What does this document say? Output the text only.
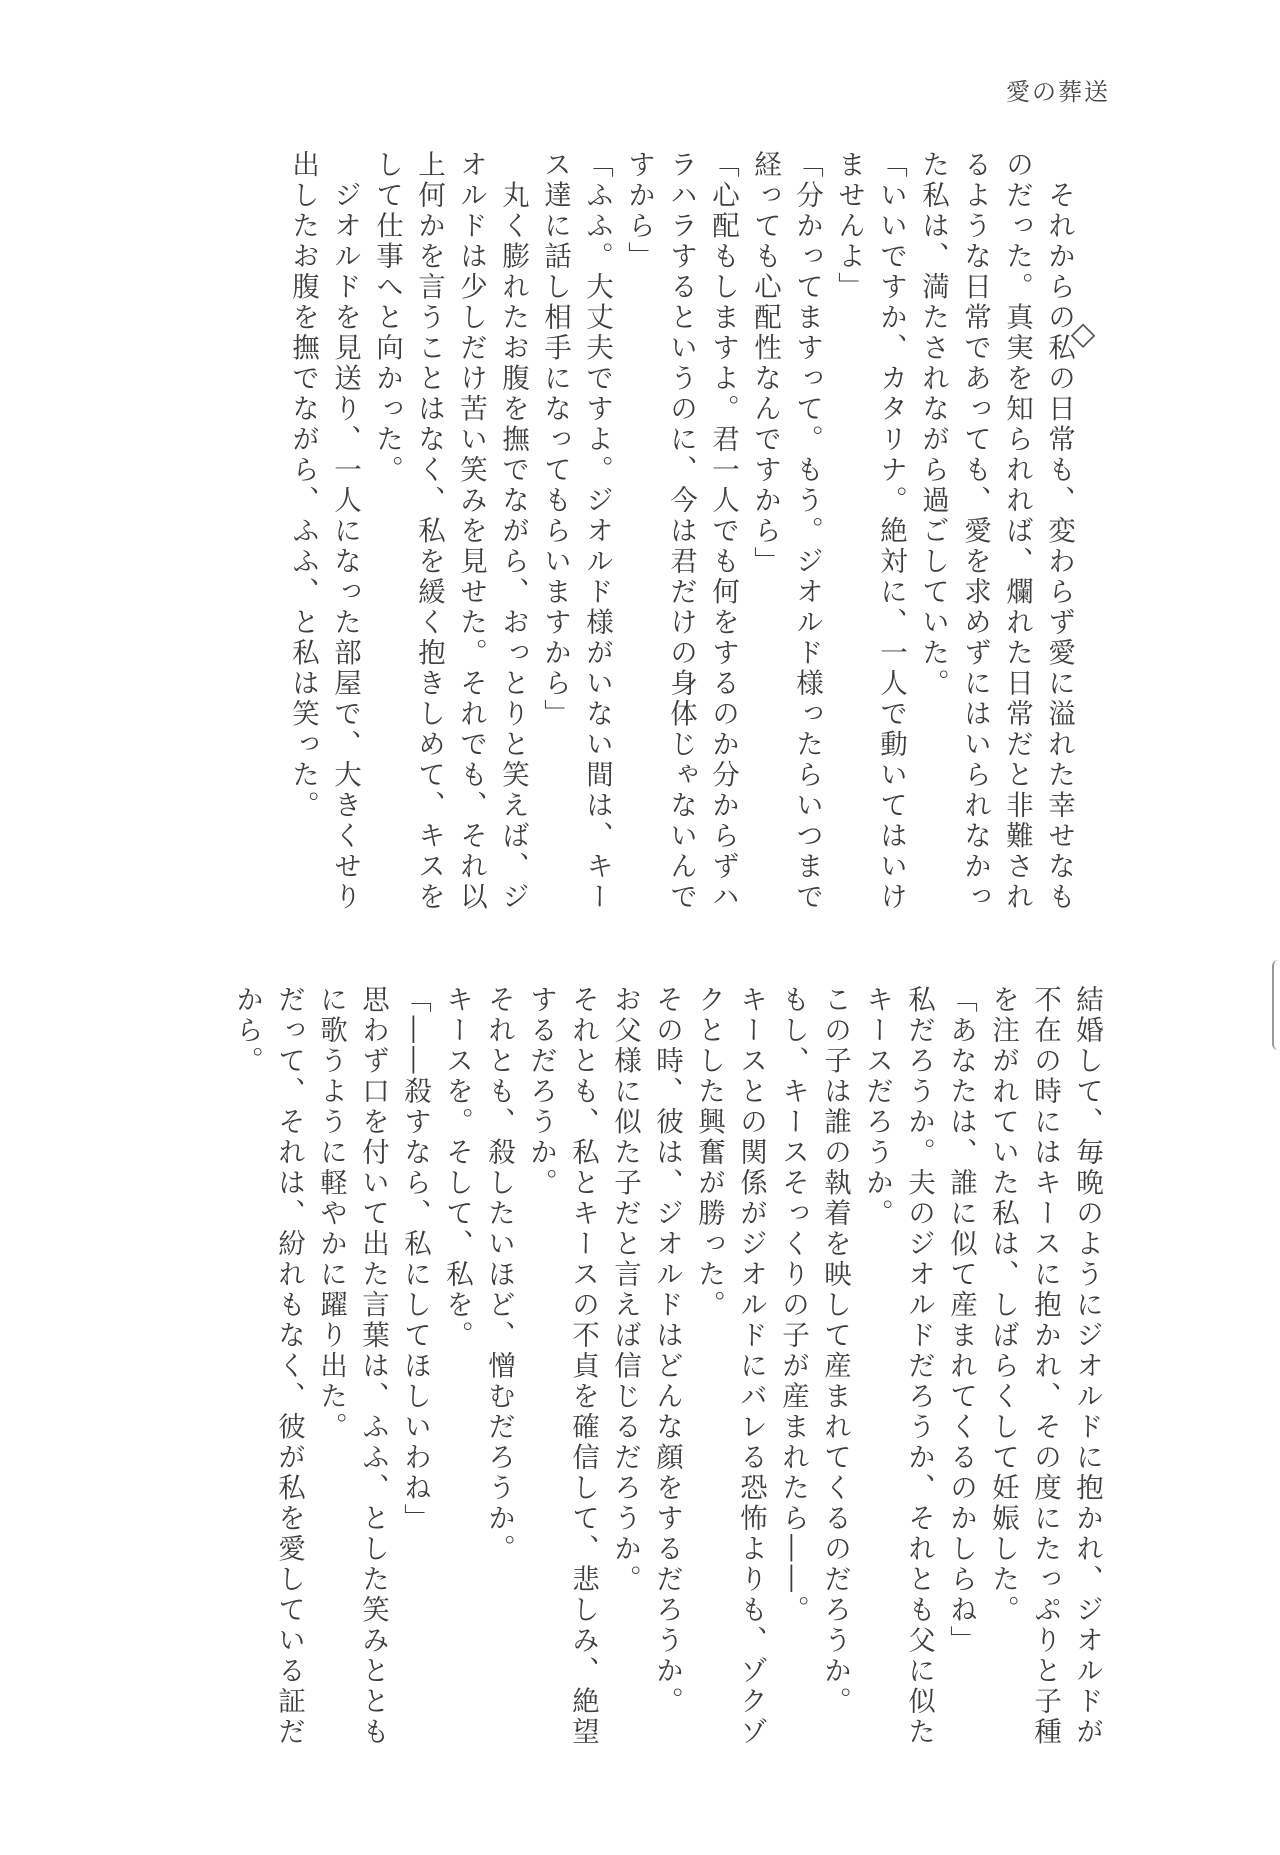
愛の葬送
◇

　それからの私の日常も、変わらず愛に溢れた幸せなものだった。真実を知られれば、爛れた日常だと非難されるような日常であっても、愛を求めずにはいられなかった私は、満たされながら過ごしていた。

「いいですか、カタリナ。絶対に、一人で動いてはいけませんよ」

「分かってますって。もう。ジオルド様ったらいつまで経っても心配性なんですから」

「心配もしますよ。君一人でも何をするのか分からずハラハラするというのに、今は君だけの身体じゃないんですから」

「ふふ。大丈夫ですよ。ジオルド様がいない間は、キース達に話し相手になってもらいますから」

　丸く膨れたお腹を撫でながら、おっとりと笑えば、ジオルドは少しだけ苦い笑みを見せた。それでも、それ以上何かを言うことはなく、私を緩く抱きしめて、キスをして仕事へと向かった。

　ジオルドを見送り、一人になった部屋で、大きくせり出したお腹を撫でながら、ふふ、と私は笑った。

結婚して、毎晩のようにジオルドに抱かれ、ジオルドが不在の時にはキースに抱かれ、その度にたっぷりと子種を注がれていた私は、しばらくして妊娠した。

「あなたは、誰に似て産まれてくるのかしらね」

私だろうか。夫のジオルドだろうか、それとも父に似たキースだろうか。

この子は誰の執着を映して産まれてくるのだろうか。

もし、キースそっくりの子が産まれたら――。

キースとの関係がジオルドにバレる恐怖よりも、ゾクゾクとした興奮が勝った。

その時、彼は、ジオルドはどんな顔をするだろうか。

お父様に似た子だと言えば信じるだろうか。

それとも、私とキースの不貞を確信して、悲しみ、絶望するだろうか。

それとも、殺したいほど、憎むだろうか。

キースを。そして、私を。

「――殺すなら、私にしてほしいわね」

思わず口を付いて出た言葉は、ふふ、とした笑みとともに歌うように軽やかに躍り出た。

だって、それは、紛れもなく、彼が私を愛している証だから。
